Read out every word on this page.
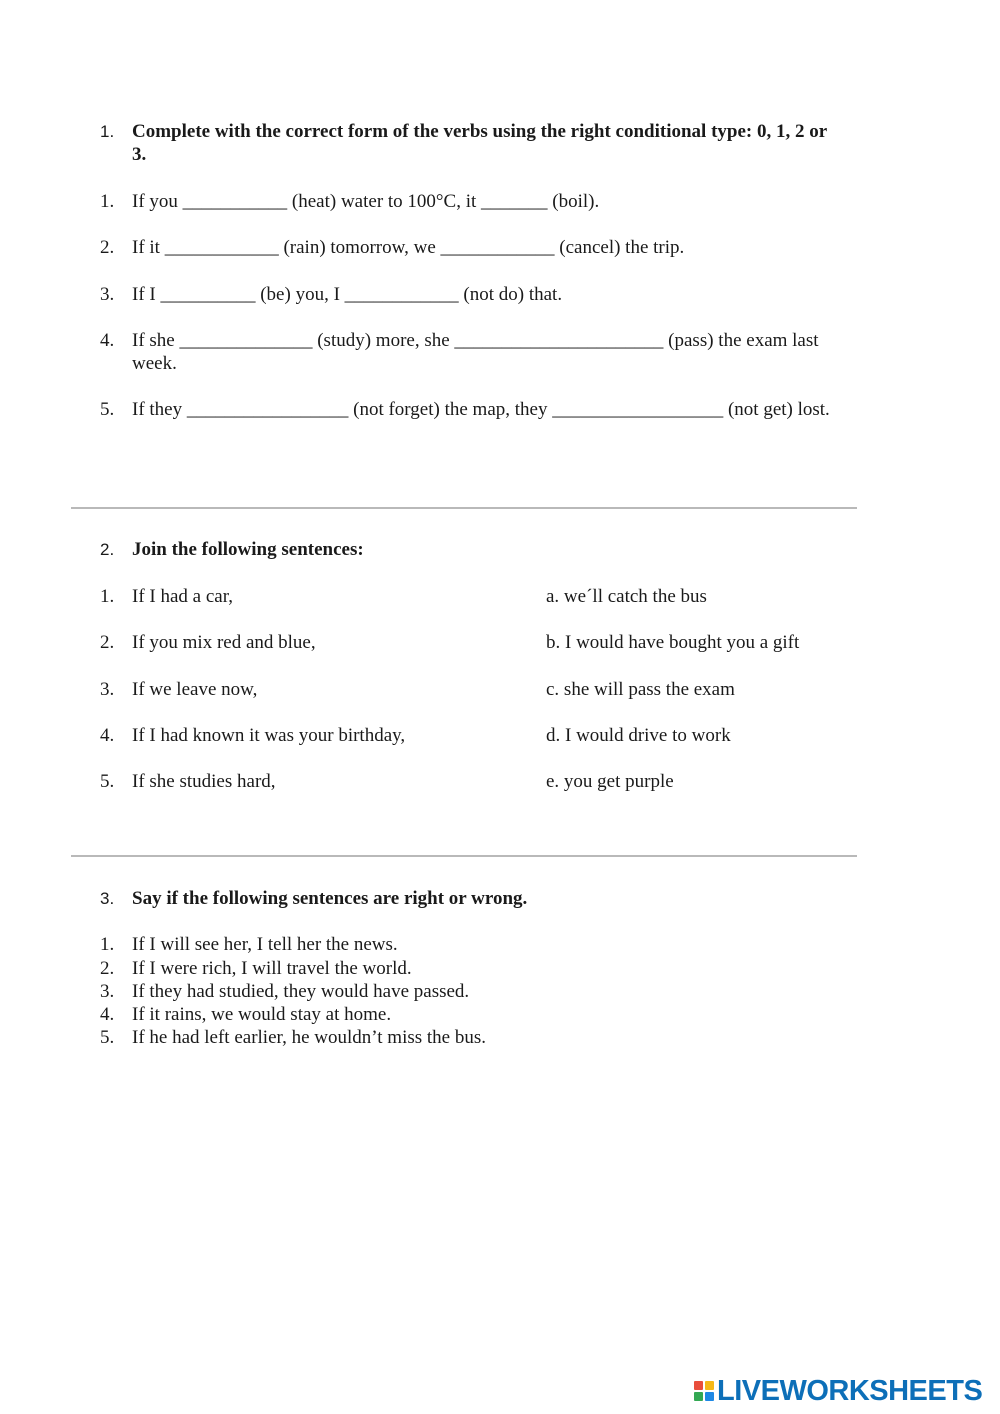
1. Complete with the correct form of the verbs using the right conditional type: 0, 1, 2 or 3.
1. If you ___________ (heat) water to 100°C, it _______ (boil).
2. If it ____________ (rain) tomorrow, we ____________ (cancel) the trip.
3. If I __________ (be) you, I ____________ (not do) that.
4. If she ______________ (study) more, she ______________________ (pass) the exam last week.
5. If they _________________ (not forget) the map, they __________________ (not get) lost.
2. Join the following sentences:
1. If I had a car,
2. If you mix red and blue,
3. If we leave now,
4. If I had known it was your birthday,
5. If she studies hard,
a. we´ll catch the bus
b. I would have bought you a gift
c. she will pass the exam
d. I would drive to work
e. you get purple
3. Say if the following sentences are right or wrong.
1. If I will see her, I tell her the news.
2. If I were rich, I will travel the world.
3. If they had studied, they would have passed.
4. If it rains, we would stay at home.
5. If he had left earlier, he wouldn’t miss the bus.
LIVEWORKSHEETS
